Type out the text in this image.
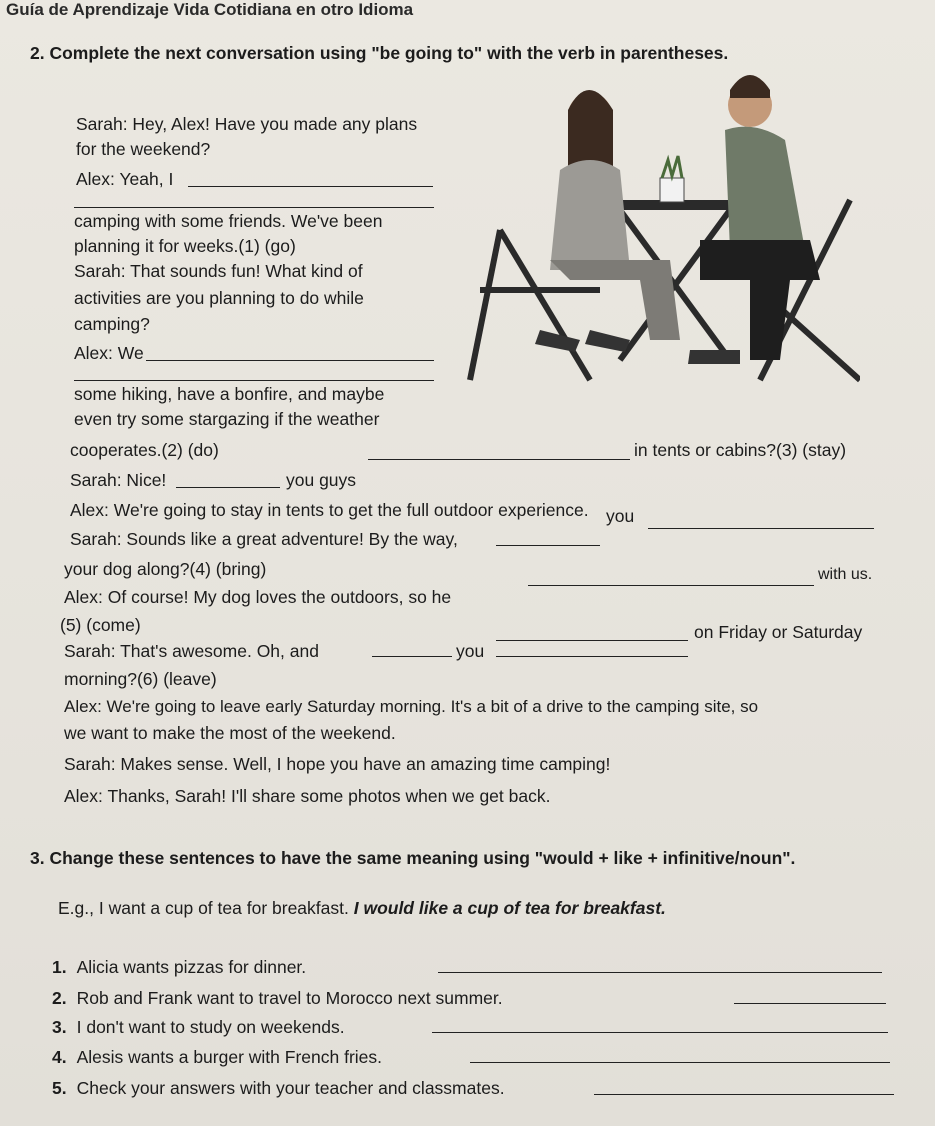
Guía de Aprendizaje Vida Cotidiana en otro Idioma
2. Complete the next conversation using "be going to" with the verb in parentheses.
Sarah: Hey, Alex! Have you made any plans
for the weekend?
Alex: Yeah, I
camping with some friends. We've been
planning it for weeks.(1) (go)
Sarah: That sounds fun! What kind of
activities are you planning to do while
camping?
Alex: We
some hiking, have a bonfire, and maybe
even try some stargazing if the weather
cooperates.(2) (do)	in tents or cabins?(3) (stay)
Sarah: Nice!	you guys
Alex: We're going to stay in tents to get the full outdoor experience.
Sarah: Sounds like a great adventure! By the way,
you
your dog along?(4) (bring)	with us.
Alex: Of course! My dog loves the outdoors, so he
(5) (come)	on Friday or Saturday
Sarah: That's awesome. Oh, and	you
morning?(6) (leave)
Alex: We're going to leave early Saturday morning. It's a bit of a drive to the camping site, so
we want to make the most of the weekend.
Sarah: Makes sense. Well, I hope you have an amazing time camping!
Alex: Thanks, Sarah! I'll share some photos when we get back.
3. Change these sentences to have the same meaning using "would + like + infinitive/noun".
E.g., I want a cup of tea for breakfast. I would like a cup of tea for breakfast.
1. Alicia wants pizzas for dinner.
2. Rob and Frank want to travel to Morocco next summer.
3. I don't want to study on weekends.
4. Alesis wants a burger with French fries.
5. Check your answers with your teacher and classmates.
